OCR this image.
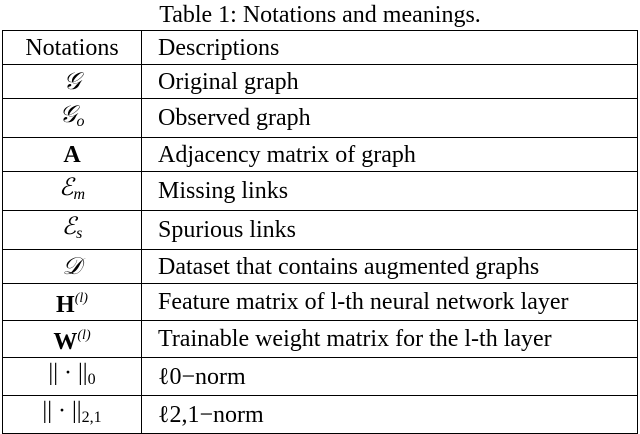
Table 1: Notations and meanings.
Notations	Descriptions
𝒢	Original graph
𝒢$_o$	Observed graph
A	Adjacency matrix of graph
ℰ$_m$	Missing links
ℰ$_s$	Spurious links
𝒟	Dataset that contains augmented graphs
$H^{(l)}$	Feature matrix of l-th neural network layer
$W^{(l)}$	Trainable weight matrix for the l-th layer
|| · ||0	ℓ0−norm
|| · ||2,1	ℓ2,1−norm
